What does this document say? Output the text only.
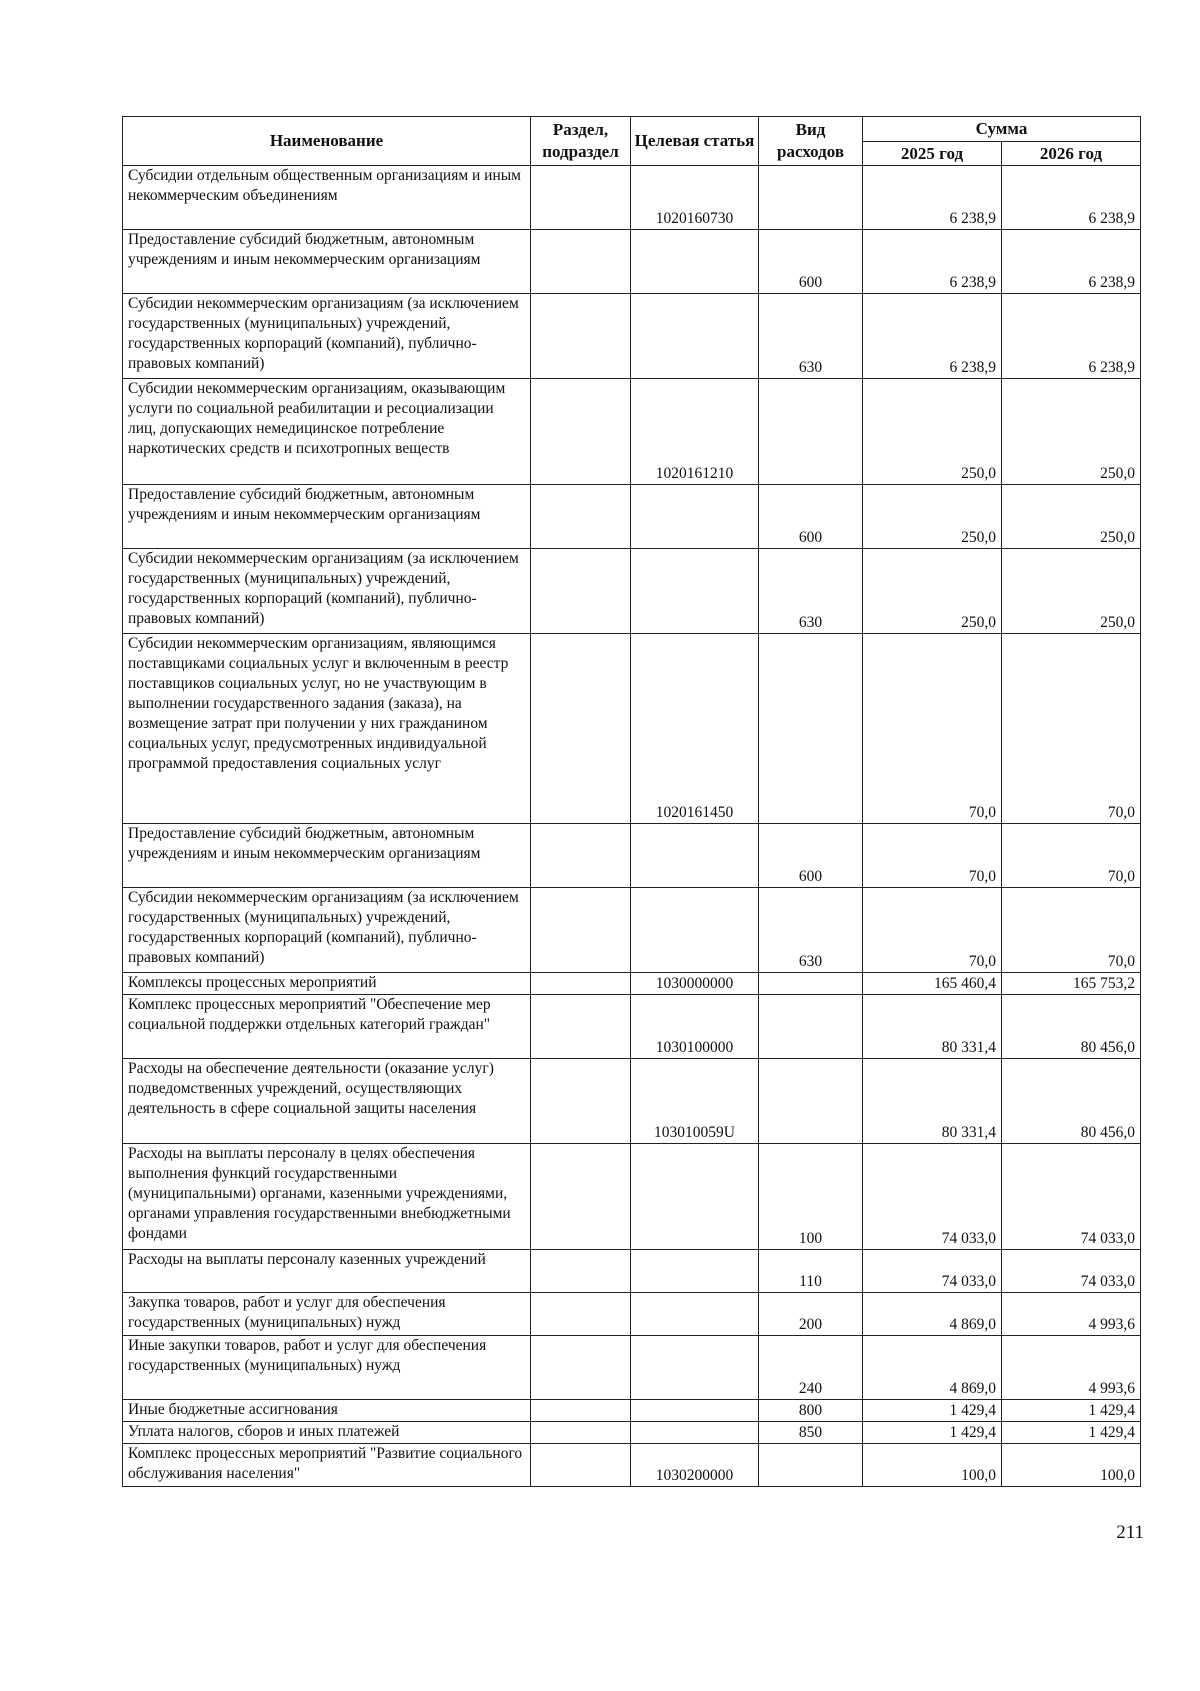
Наименование	Раздел, подраздел	Целевая статья	Вид расходов	Сумма	
				2025 год	2026 год
Субсидии отдельным общественным организациям и иным некоммерческим объединениям		1020160730		6 238,9	6 238,9
Предоставление субсидий бюджетным, автономным учреждениям и иным некоммерческим организациям			600	6 238,9	6 238,9
Субсидии некоммерческим организациям (за исключением государственных (муниципальных) учреждений, государственных корпораций (компаний), публично-правовых компаний)			630	6 238,9	6 238,9
Субсидии некоммерческим организациям, оказывающим услуги по социальной реабилитации и ресоциализации лиц, допускающих немедицинское потребление наркотических средств и психотропных веществ		1020161210		250,0	250,0
Предоставление субсидий бюджетным, автономным учреждениям и иным некоммерческим организациям			600	250,0	250,0
Субсидии некоммерческим организациям (за исключением государственных (муниципальных) учреждений, государственных корпораций (компаний), публично-правовых компаний)			630	250,0	250,0
Субсидии некоммерческим организациям, являющимся поставщиками социальных услуг и включенным в реестр поставщиков социальных услуг, но не участвующим в выполнении государственного задания (заказа), на возмещение затрат при получении у них гражданином социальных услуг, предусмотренных индивидуальной программой предоставления социальных услуг		1020161450		70,0	70,0
Предоставление субсидий бюджетным, автономным учреждениям и иным некоммерческим организациям			600	70,0	70,0
Субсидии некоммерческим организациям (за исключением государственных (муниципальных) учреждений, государственных корпораций (компаний), публично-правовых компаний)			630	70,0	70,0
Комплексы процессных мероприятий		1030000000		165 460,4	165 753,2
Комплекс процессных мероприятий "Обеспечение мер социальной поддержки отдельных категорий граждан"		1030100000		80 331,4	80 456,0
Расходы на обеспечение деятельности (оказание услуг) подведомственных учреждений, осуществляющих деятельность в сфере социальной защиты населения		103010059U		80 331,4	80 456,0
Расходы на выплаты персоналу в целях обеспечения выполнения функций государственными (муниципальными) органами, казенными учреждениями, органами управления государственными внебюджетными фондами			100	74 033,0	74 033,0
Расходы на выплаты персоналу казенных учреждений			110	74 033,0	74 033,0
Закупка товаров, работ и услуг для обеспечения государственных (муниципальных) нужд			200	4 869,0	4 993,6
Иные закупки товаров, работ и услуг для обеспечения государственных (муниципальных) нужд			240	4 869,0	4 993,6
Иные бюджетные ассигнования			800	1 429,4	1 429,4
Уплата налогов, сборов и иных платежей			850	1 429,4	1 429,4
Комплекс процессных мероприятий "Развитие социального обслуживания населения"		1030200000		100,0	100,0
211
